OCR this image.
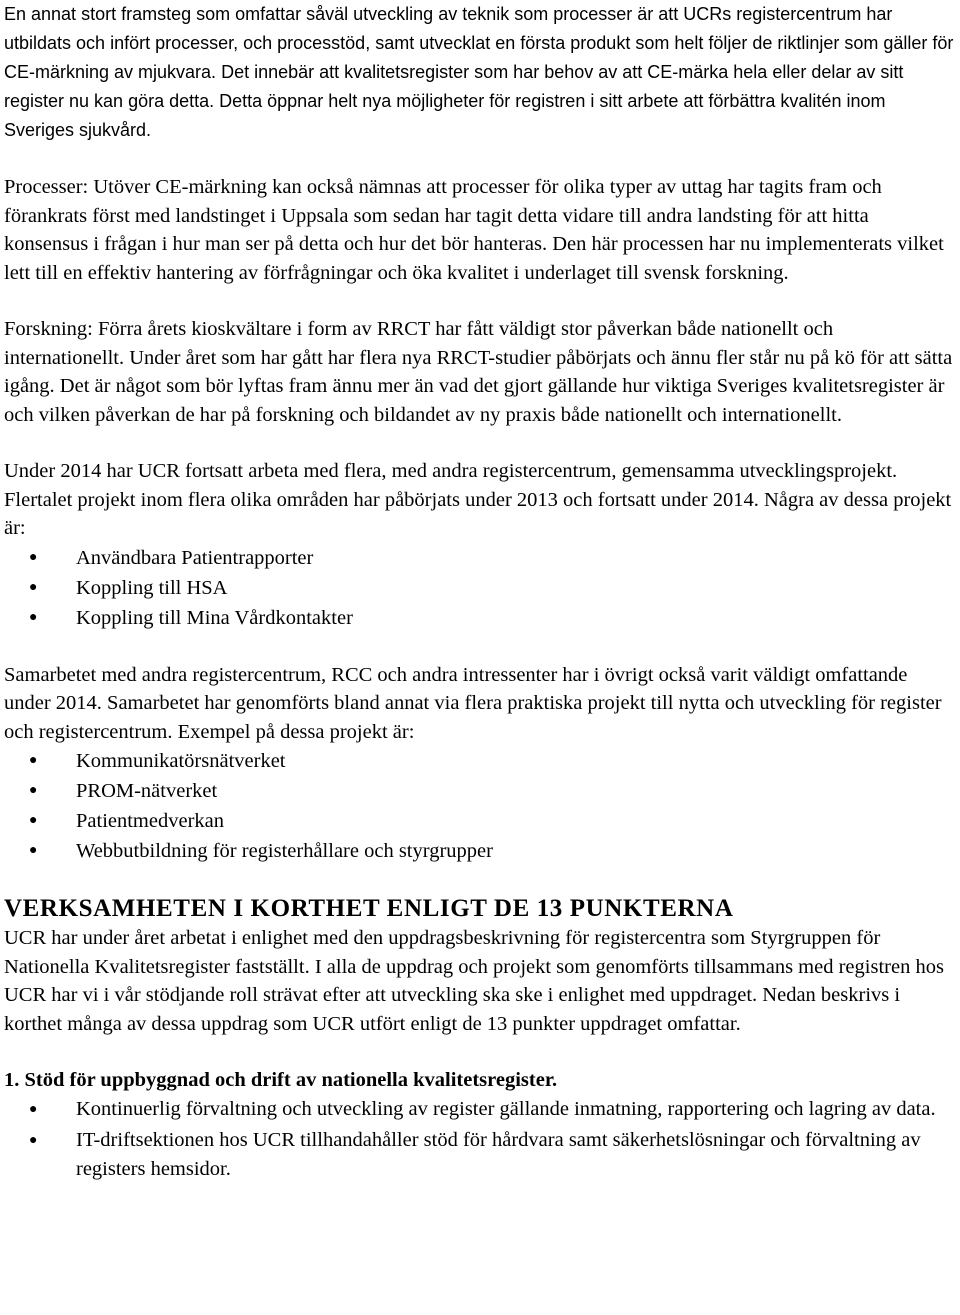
En annat stort framsteg som omfattar såväl utveckling av teknik som processer är att UCRs registercentrum har utbildats och infört processer, och processtöd, samt utvecklat en första produkt som helt följer de riktlinjer som gäller för CE-märkning av mjukvara. Det innebär att kvalitetsregister som har behov av att CE-märka hela eller delar av sitt register nu kan göra detta. Detta öppnar helt nya möjligheter för registren i sitt arbete att förbättra kvalitén inom Sveriges sjukvård.

Processer: Utöver CE-märkning kan också nämnas att processer för olika typer av uttag har tagits fram och förankrats först med landstinget i Uppsala som sedan har tagit detta vidare till andra landsting för att hitta konsensus i frågan i hur man ser på detta och hur det bör hanteras. Den här processen har nu implementerats vilket lett till en effektiv hantering av förfrågningar och öka kvalitet i underlaget till svensk forskning.

Forskning: Förra årets kioskvältare i form av RRCT har fått väldigt stor påverkan både nationellt och internationellt. Under året som har gått har flera nya RRCT-studier påbörjats och ännu fler står nu på kö för att sätta igång. Det är något som bör lyftas fram ännu mer än vad det gjort gällande hur viktiga Sveriges kvalitetsregister är och vilken påverkan de har på forskning och bildandet av ny praxis både nationellt och internationellt.

Under 2014 har UCR fortsatt arbeta med flera, med andra registercentrum, gemensamma utvecklingsprojekt. Flertalet projekt inom flera olika områden har påbörjats under 2013 och fortsatt under 2014. Några av dessa projekt är:

● Användbara Patientrapporter
● Koppling till HSA
● Koppling till Mina Vårdkontakter

Samarbetet med andra registercentrum, RCC och andra intressenter har i övrigt också varit väldigt omfattande under 2014. Samarbetet har genomförts bland annat via flera praktiska projekt till nytta och utveckling för register och registercentrum. Exempel på dessa projekt är:

● Kommunikatörsnätverket
● PROM-nätverket
● Patientmedverkan
● Webbutbildning för registerhållare och styrgrupper
VERKSAMHETEN I KORTHET ENLIGT DE 13 PUNKTERNA

UCR har under året arbetat i enlighet med den uppdragsbeskrivning för registercentra som Styrgruppen för Nationella Kvalitetsregister fastställt. I alla de uppdrag och projekt som genomförts tillsammans med registren hos UCR har vi i vår stödjande roll strävat efter att utveckling ska ske i enlighet med uppdraget. Nedan beskrivs i korthet många av dessa uppdrag som UCR utfört enligt de 13 punkter uppdraget omfattar.

1. Stöd för uppbyggnad och drift av nationella kvalitetsregister.
● Kontinuerlig förvaltning och utveckling av register gällande inmatning, rapportering och lagring av data.
● IT-driftsektionen hos UCR tillhandahåller stöd för hårdvara samt säkerhetslösningar och förvaltning av registers hemsidor.
